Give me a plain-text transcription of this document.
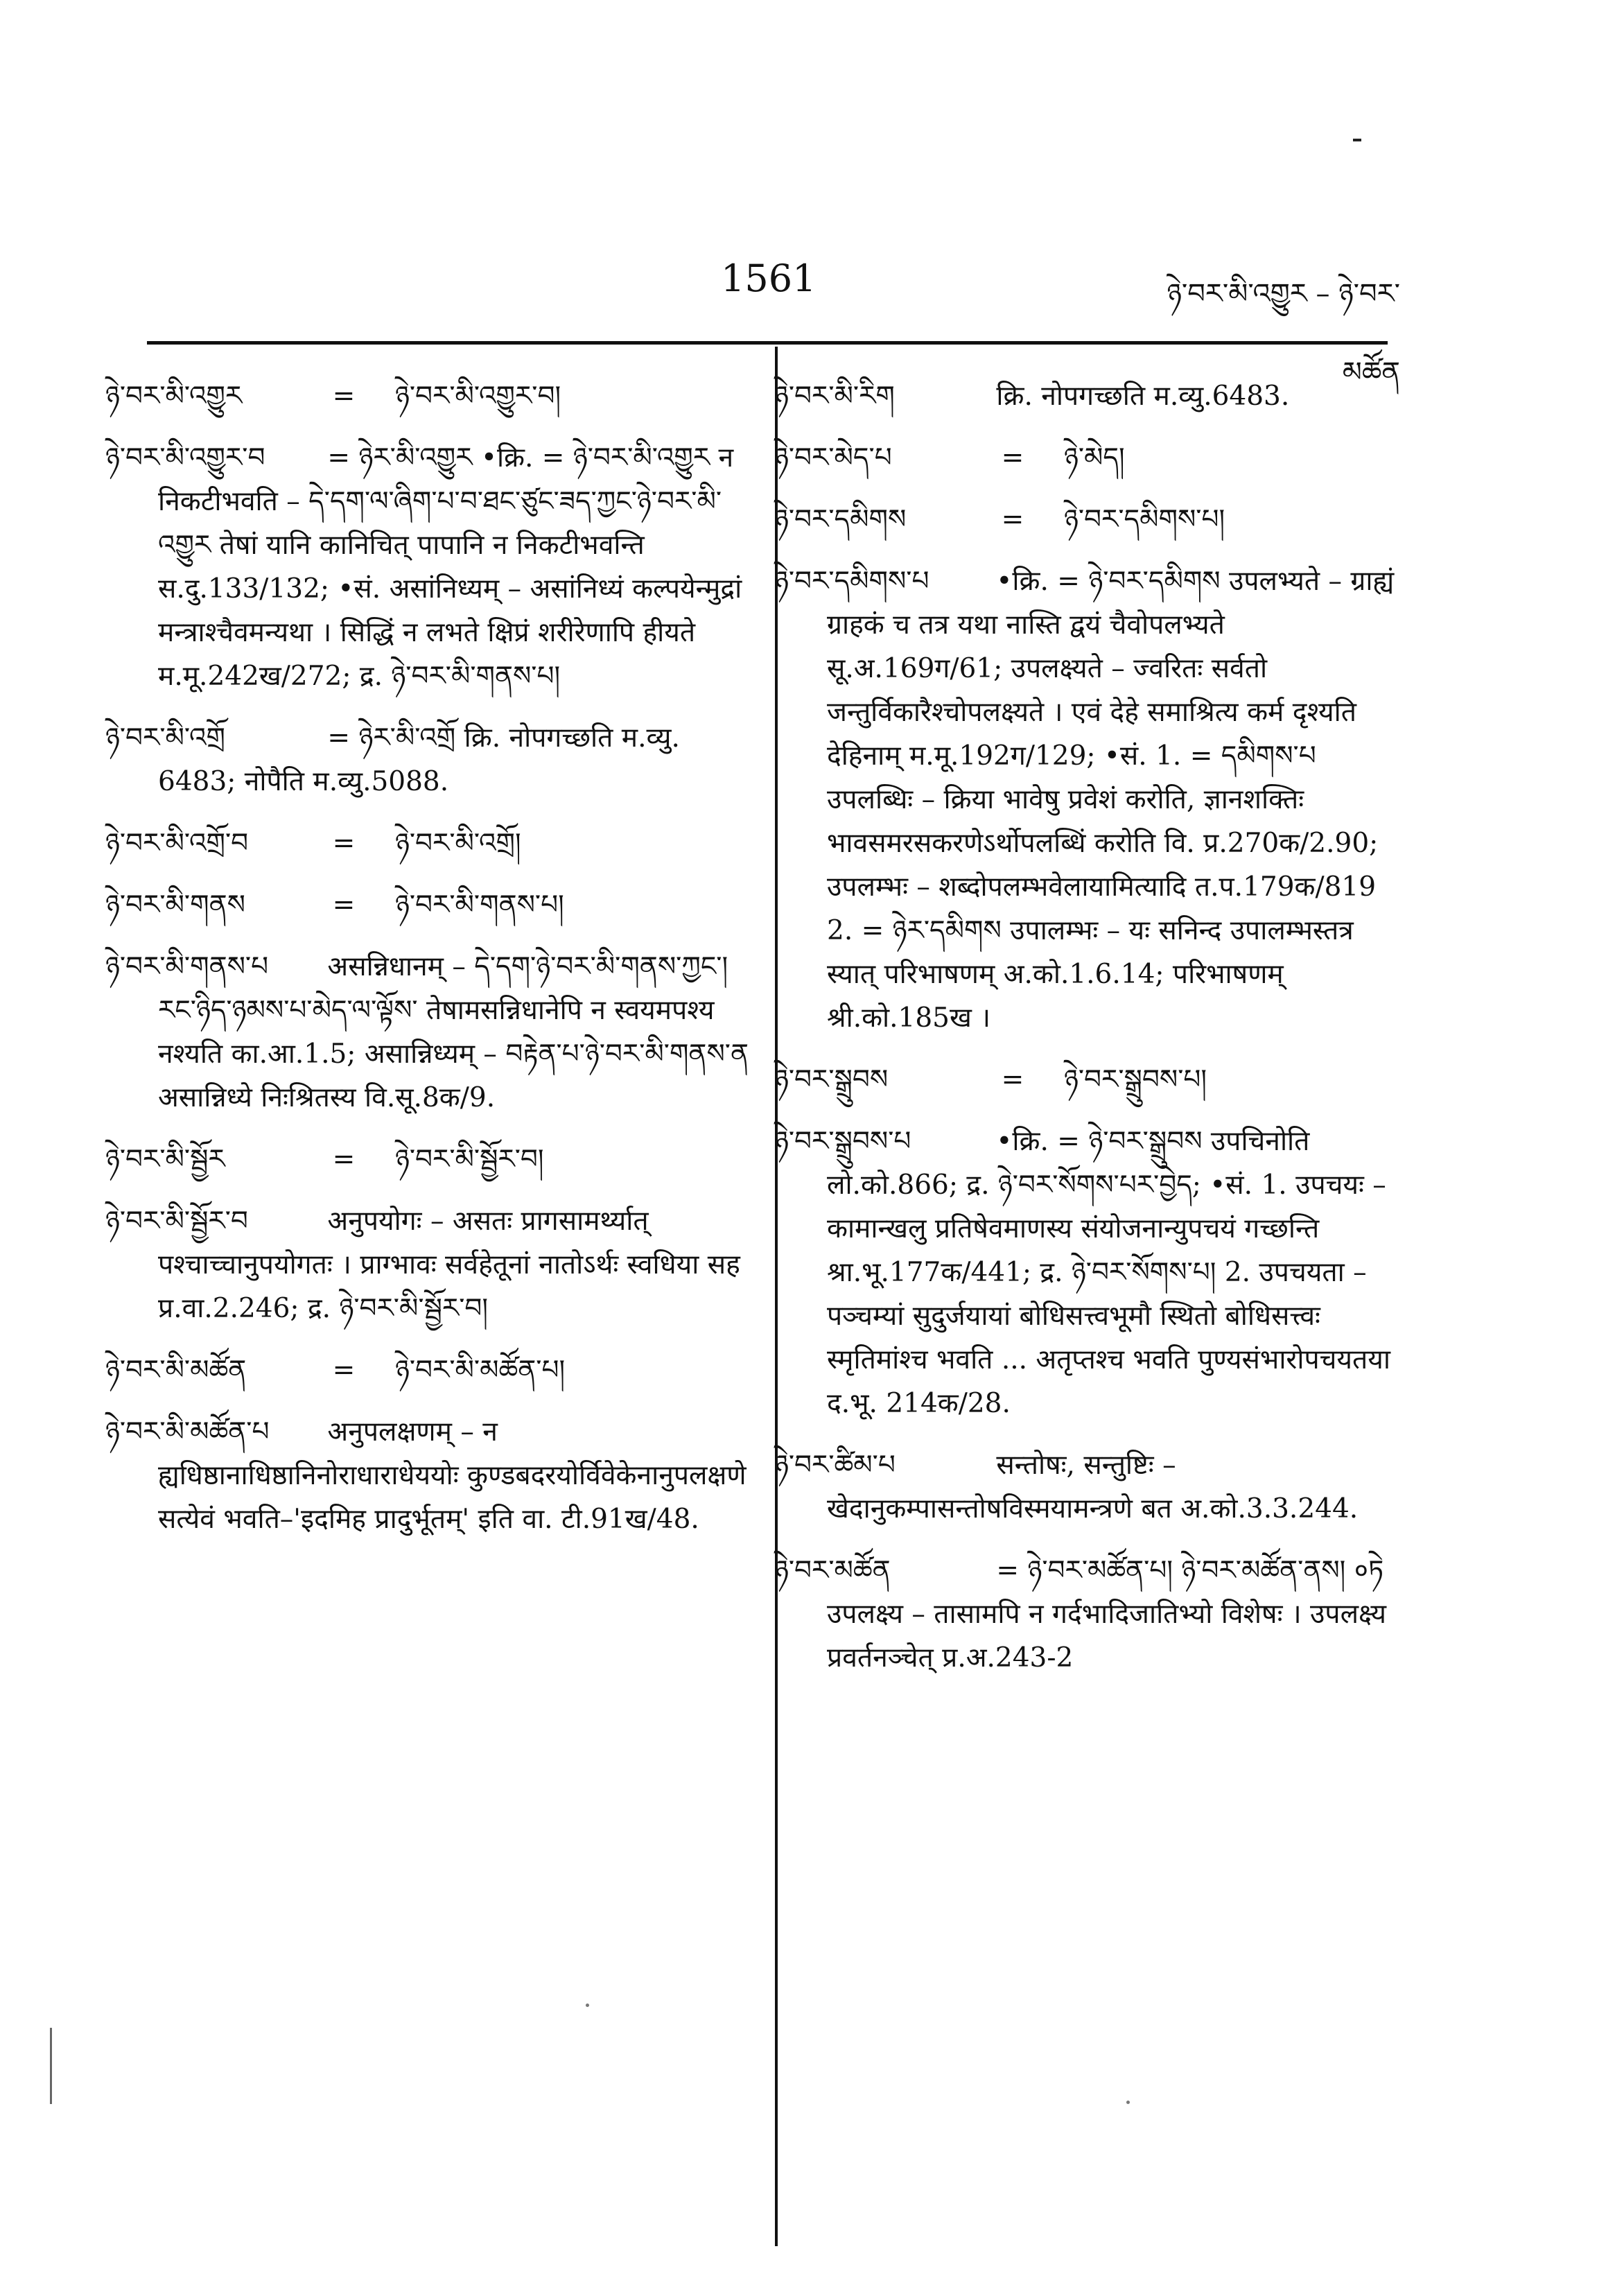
1561	ཉེ་བར་མི་འགྱུར – ཉེ་བར་མཚོན
ཉེ་བར་མི་འགྱུར	= ཉེ་བར་མི་འགྱུར་བ།
ཉེ་བར་མི་འགྱུར་བ = ཉེར་མི་འགྱུར •क्रि. = ཉེ་བར་མི་འགྱུར न निकटीभवति – དེ་དག་ལ་ཞིག་པ་བ་ཐང་ཙུང་ཟད་ཀྱང་ཉེ་བར་མི་འགྱུར तेषां यानि कानिचित् पापानि न निकटीभवन्ति स.दु.133/132; •सं. असांनिध्यम् – असांनिध्यं कल्पयेन्मुद्रां मन्त्राश्चैवमन्यथा । सिद्धिं न लभते क्षिप्रं शरीरेणापि हीयते म.मू.242ख/272; द्र. ཉེ་བར་མི་གནས་པ།
ཉེ་བར་མི་འགྲོ	= ཉེར་མི་འགྲོ क्रि. नोपगच्छति म.व्यु. 6483; नोपैति म.व्यु.5088.
ཉེ་བར་མི་འགྲོ་བ	= ཉེ་བར་མི་འགྲོ།
ཉེ་བར་མི་གནས	= ཉེ་བར་མི་གནས་པ།
ཉེ་བར་མི་གནས་པ असन्निधानम् – དེ་དག་ཉེ་བར་མི་གནས་ཀྱང་། རང་ཉིད་ཉམས་པ་མེད་ལ་ལྟོས་ तेषामसन्निधानेपि न स्वयमपश्य नश्यति का.आ.1.5; असान्निध्यम् – བརྟེན་པ་ཉེ་བར་མི་གནས་ན असान्निध्ये निःश्रितस्य वि.सू.8क/9.
ཉེ་བར་མི་སྦྱོར	= ཉེ་བར་མི་སྦྱོར་བ།
ཉེ་བར་མི་སྦྱོར་བ	अनुपयोगः – असतः प्रागसामर्थ्यात् पश्चाच्चानुपयोगतः । प्राग्भावः सर्वहेतूनां नातोऽर्थः स्वधिया सह प्र.वा.2.246; द्र. ཉེ་བར་མི་སྦྱོར་བ།
ཉེ་བར་མི་མཚོན	= ཉེ་བར་མི་མཚོན་པ།
ཉེ་བར་མི་མཚོན་པ अनुपलक्षणम् – न ह्यधिष्ठानाधिष्ठानिनोराधाराधेययोः कुण्डबदरयोर्विवेकेनानुपलक्षणे सत्येवं भवति–'इदमिह प्रादुर्भूतम्' इति वा. टी.91ख/48.
ཉེ་བར་མི་རིག	क्रि. नोपगच्छति म.व्यु.6483.
ཉེ་བར་མེད་པ	= ཉེ་མེད།
ཉེ་བར་དམིགས	= ཉེ་བར་དམིགས་པ།
ཉེ་བར་དམིགས་པ •क्रि. = ཉེ་བར་དམིགས उपलभ्यते – ग्राह्यं ग्राहकं च तत्र यथा नास्ति द्वयं चैवोपलभ्यते सू.अ.169ग/61; उपलक्ष्यते – ज्वरितः सर्वतो जन्तुर्विकारैश्चोपलक्ष्यते । एवं देहे समाश्रित्य कर्म दृश्यति देहिनाम् म.मू.192ग/129; •सं. 1. = དམིགས་པ उपलब्धिः – क्रिया भावेषु प्रवेशं करोति, ज्ञानशक्तिः भावसमरसकरणेऽर्थोपलब्धिं करोति वि. प्र.270क/2.90; उपलम्भः – शब्दोपलम्भवेलायामित्यादि त.प.179क/819 2. = ཉེར་དམིགས उपालम्भः – यः सनिन्द उपालम्भस्तत्र स्यात् परिभाषणम् अ.को.1.6.14; परिभाषणम् श्री.को.185ख ।
ཉེ་བར་སྒྲུབས	= ཉེ་བར་སྒྲུབས་པ།
ཉེ་བར་སྒྲུབས་པ	•क्रि. = ཉེ་བར་སྒྲུབས उपचिनोति लो.को.866; द्र. ཉེ་བར་སོགས་པར་བྱེད; •सं. 1. उपचयः – कामान्खलु प्रतिषेवमाणस्य संयोजनान्युपचयं गच्छन्ति श्रा.भू.177क/441; द्र. ཉེ་བར་སོགས་པ། 2. उपचयता – पञ्चम्यां सुदुर्जयायां बोधिसत्त्वभूमौ स्थितो बोधिसत्त्वः स्मृतिमांश्च भवति ... अतृप्तश्च भवति पुण्यसंभारोपचयतया द.भू. 214क/28.
ཉེ་བར་ཚིམ་པ	सन्तोषः, सन्तुष्टिः – खेदानुकम्पासन्तोषविस्मयामन्त्रणे बत अ.को.3.3.244.
ཉེ་བར་མཚོན	= ཉེ་བར་མཚོན་པ། ཉེ་བར་མཚོན་ནས། ०ཏེ उपलक्ष्य – तासामपि न गर्दभादिजातिभ्यो विशेषः । उपलक्ष्य प्रवर्तनञ्चेत् प्र.अ.243-2
